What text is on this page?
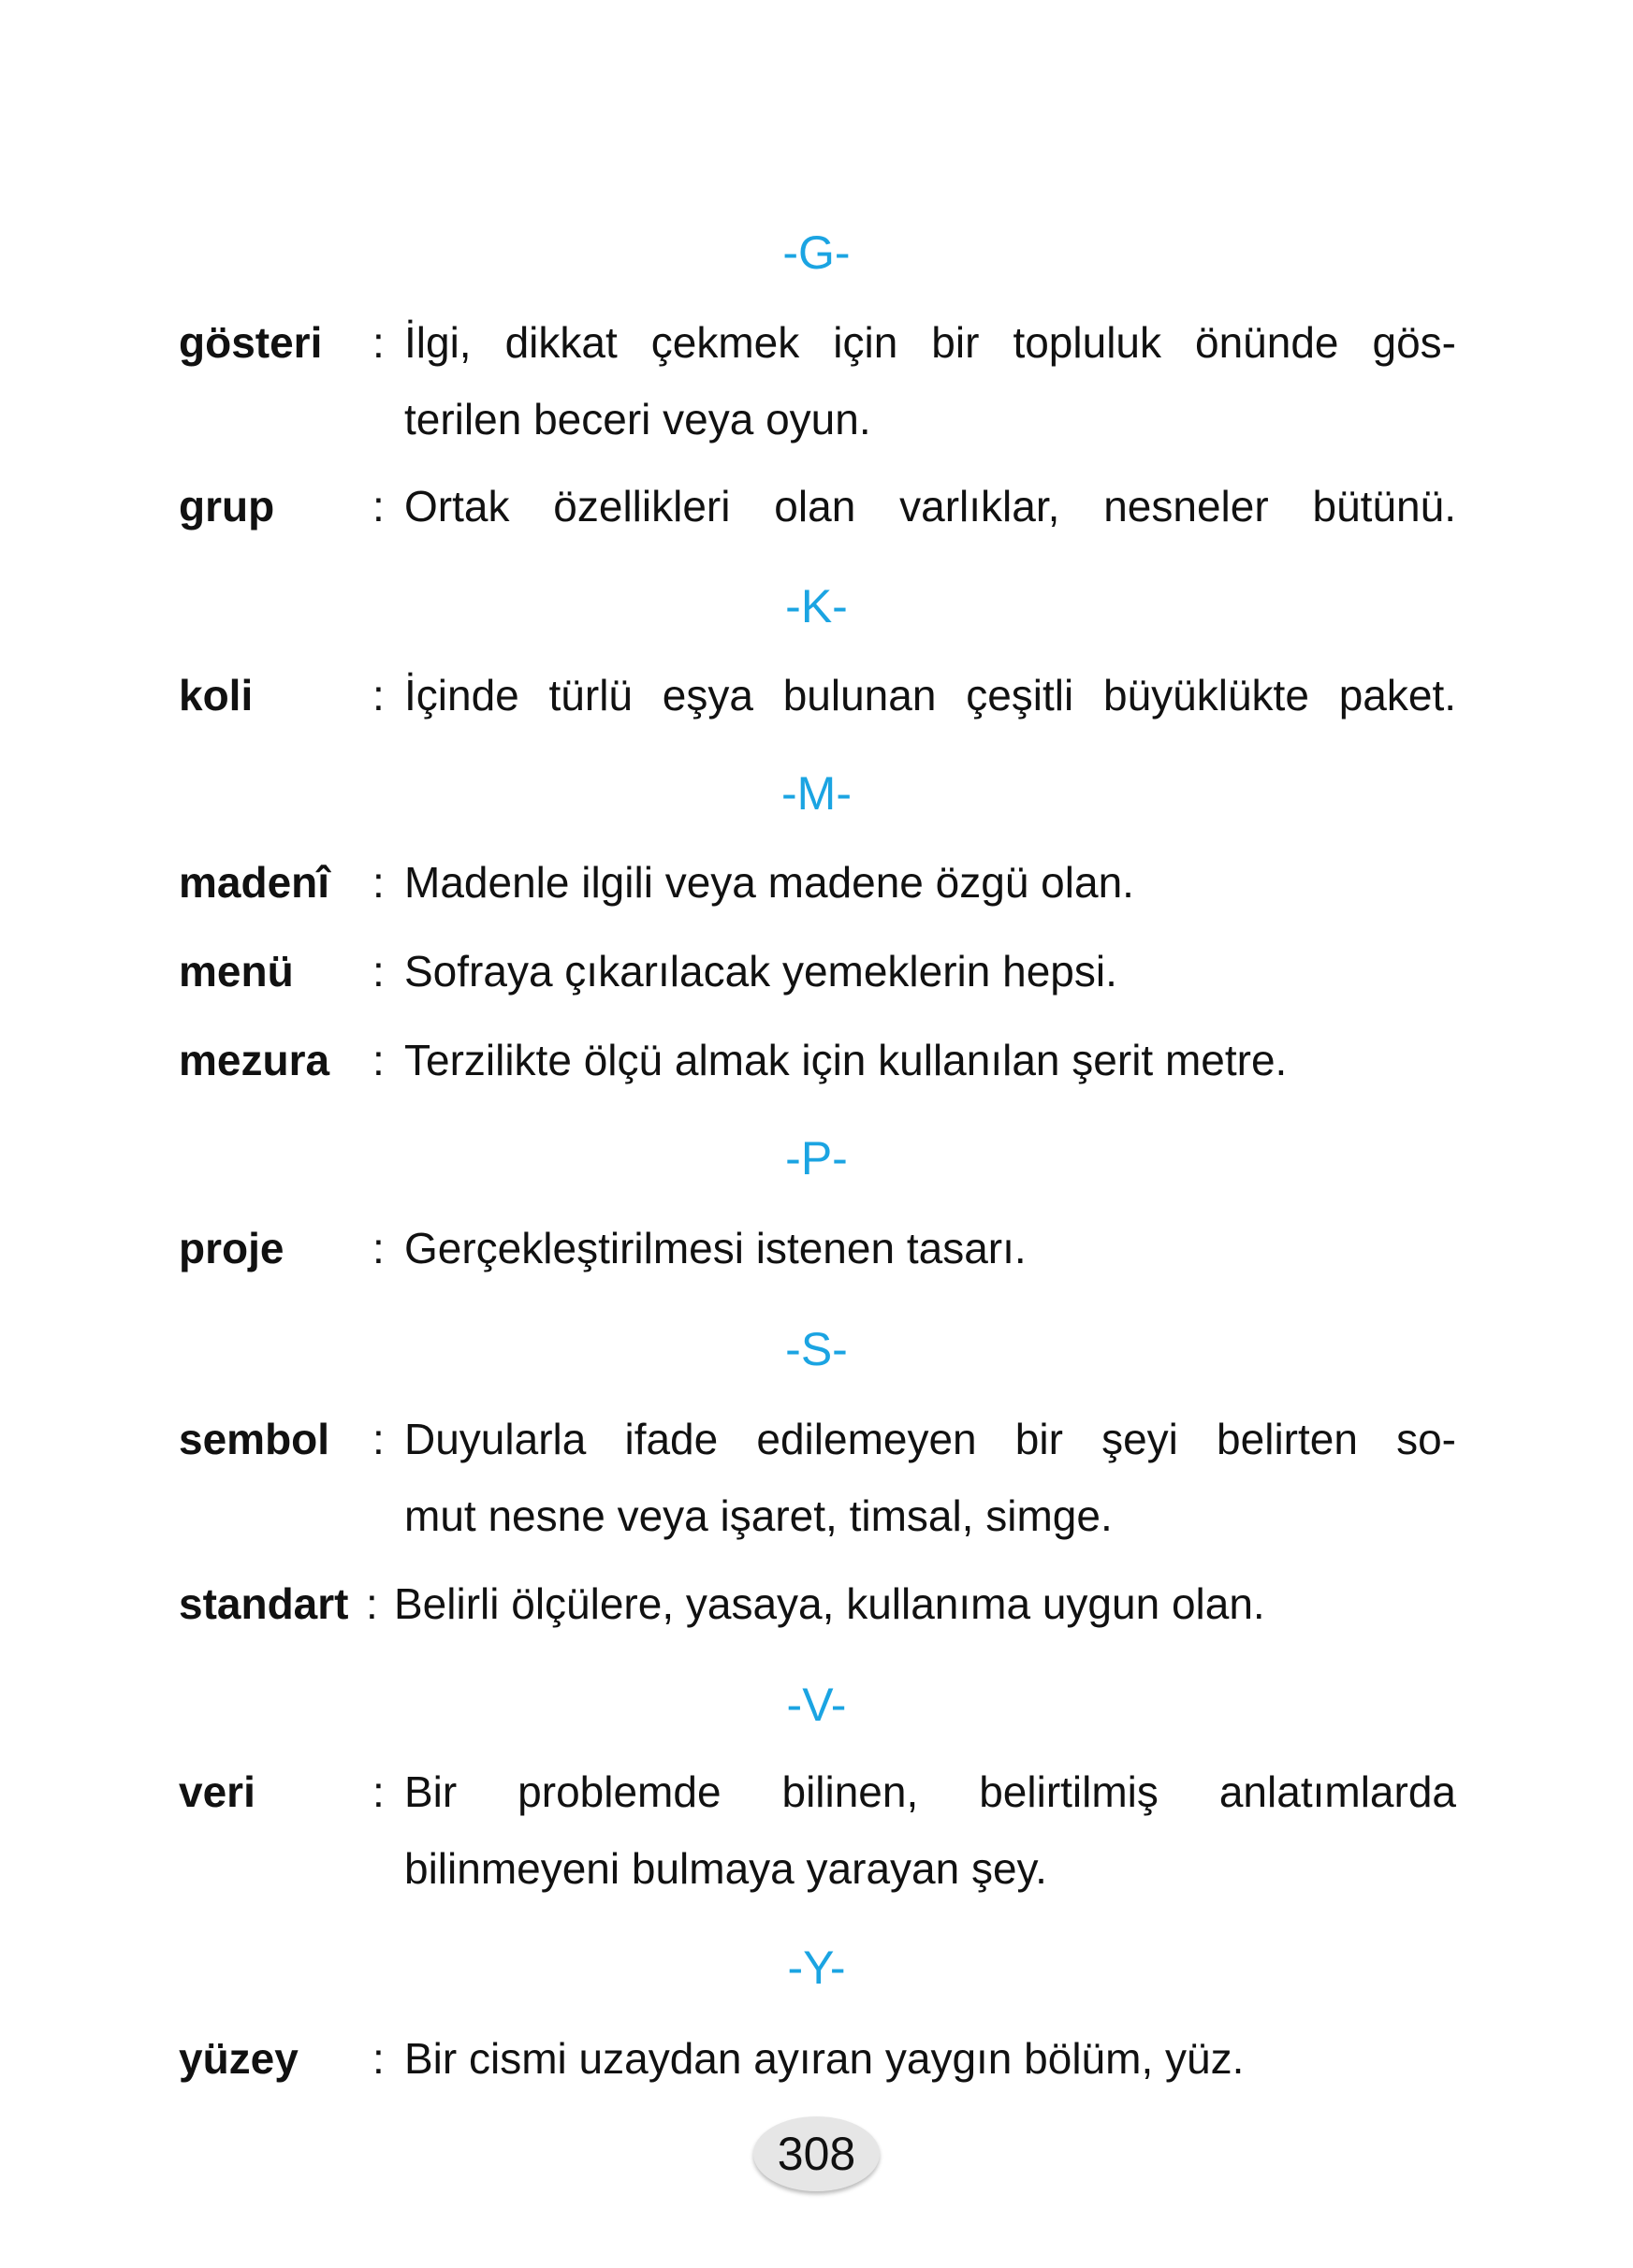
-G-
gösteri : İlgi, dikkat çekmek için bir topluluk önünde gös-
terilen beceri veya oyun.
grup : Ortak özellikleri olan varlıklar, nesneler bütünü.
-K-
koli	: İçinde türlü eşya bulunan çeşitli büyüklükte paket.
-M-
madenî : Madenle ilgili veya madene özgü olan.
menü : Sofraya çıkarılacak yemeklerin hepsi.
mezura : Terzilikte ölçü almak için kullanılan şerit metre.
-P-
proje : Gerçekleştirilmesi istenen tasarı.
-S-
sembol : Duyularla ifade edilemeyen bir şeyi belirten so-
mut nesne veya işaret, timsal, simge.
standart : Belirli ölçülere, yasaya, kullanıma uygun olan.
-V-
veri	: Bir problemde bilinen, belirtilmiş anlatımlarda
bilinmeyeni bulmaya yarayan şey.
-Y-
yüzey : Bir cismi uzaydan ayıran yaygın bölüm, yüz.
308
